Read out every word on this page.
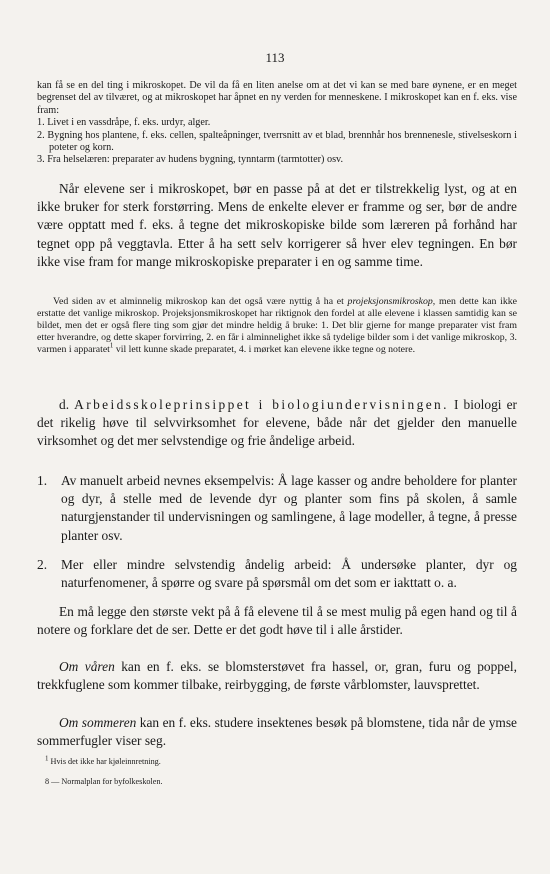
113

kan få se en del ting i mikroskopet. De vil da få en liten anelse om at det vi kan se med bare øynene, er en meget begrenset del av tilværet, og at mikroskopet har åpnet en ny verden for menneskene. I mikroskopet kan en f. eks. vise fram:

1. Livet i en vassdråpe, f. eks. urdyr, alger.

2. Bygning hos plantene, f. eks. cellen, spalteåpninger, tverrsnitt av et blad, brennhår hos brennenesle, stivelseskorn i poteter og korn.

3. Fra helselæren: preparater av hudens bygning, tynntarm (tarmtotter) osv.

Når elevene ser i mikroskopet, bør en passe på at det er tilstrekkelig lyst, og at en ikke bruker for sterk forstørring. Mens de enkelte elever er framme og ser, bør de andre være opptatt med f. eks. å tegne det mikroskopiske bilde som læreren på forhånd har tegnet opp på veggtavla. Etter å ha sett selv korrigerer så hver elev tegningen. En bør ikke vise fram for mange mikroskopiske preparater i en og samme time.

Ved siden av et alminnelig mikroskop kan det også være nyttig å ha et projeksjonsmikroskop, men dette kan ikke erstatte det vanlige mikroskop. Projeksjonsmikroskopet har riktignok den fordel at alle elevene i klassen samtidig kan se bildet, men det er også flere ting som gjør det mindre heldig å bruke: 1. Det blir gjerne for mange preparater vist fram etter hverandre, og dette skaper forvirring, 2. en får i alminnelighet ikke så tydelige bilder som i det vanlige mikroskop, 3. varmen i apparatet$^1$ vil lett kunne skade preparatet, 4. i mørket kan elevene ikke tegne og notere.

d. Arbeidsskoleprinsippet i biologiundervisningen. I biologi er det rikelig høve til selvvirksomhet for elevene, både når det gjelder den manuelle virksomhet og det mer selvstendige og frie åndelige arbeid.

1.	Av manuelt arbeid nevnes eksempelvis: Å lage kasser og andre beholdere for planter og dyr, å stelle med de levende dyr og planter som fins på skolen, å samle naturgjenstander til undervisningen og samlingene, å lage modeller, å tegne, å presse planter osv.
2.	Mer eller mindre selvstendig åndelig arbeid: Å undersøke planter, dyr og naturfenomener, å spørre og svare på spørsmål om det som er iakttatt o. a.

En må legge den største vekt på å få elevene til å se mest mulig på egen hand og til å notere og forklare det de ser. Dette er det godt høve til i alle årstider.

Om våren kan en f. eks. se blomsterstøvet fra hassel, or, gran, furu og poppel, trekkfuglene som kommer tilbake, reirbygging, de første vårblomster, lauvsprettet.

Om sommeren kan en f. eks. studere insektenes besøk på blomstene, tida når de ymse sommerfugler viser seg.

$^1$ Hvis det ikke har kjøleinnretning.

8 — Normalplan for byfolkeskolen.
